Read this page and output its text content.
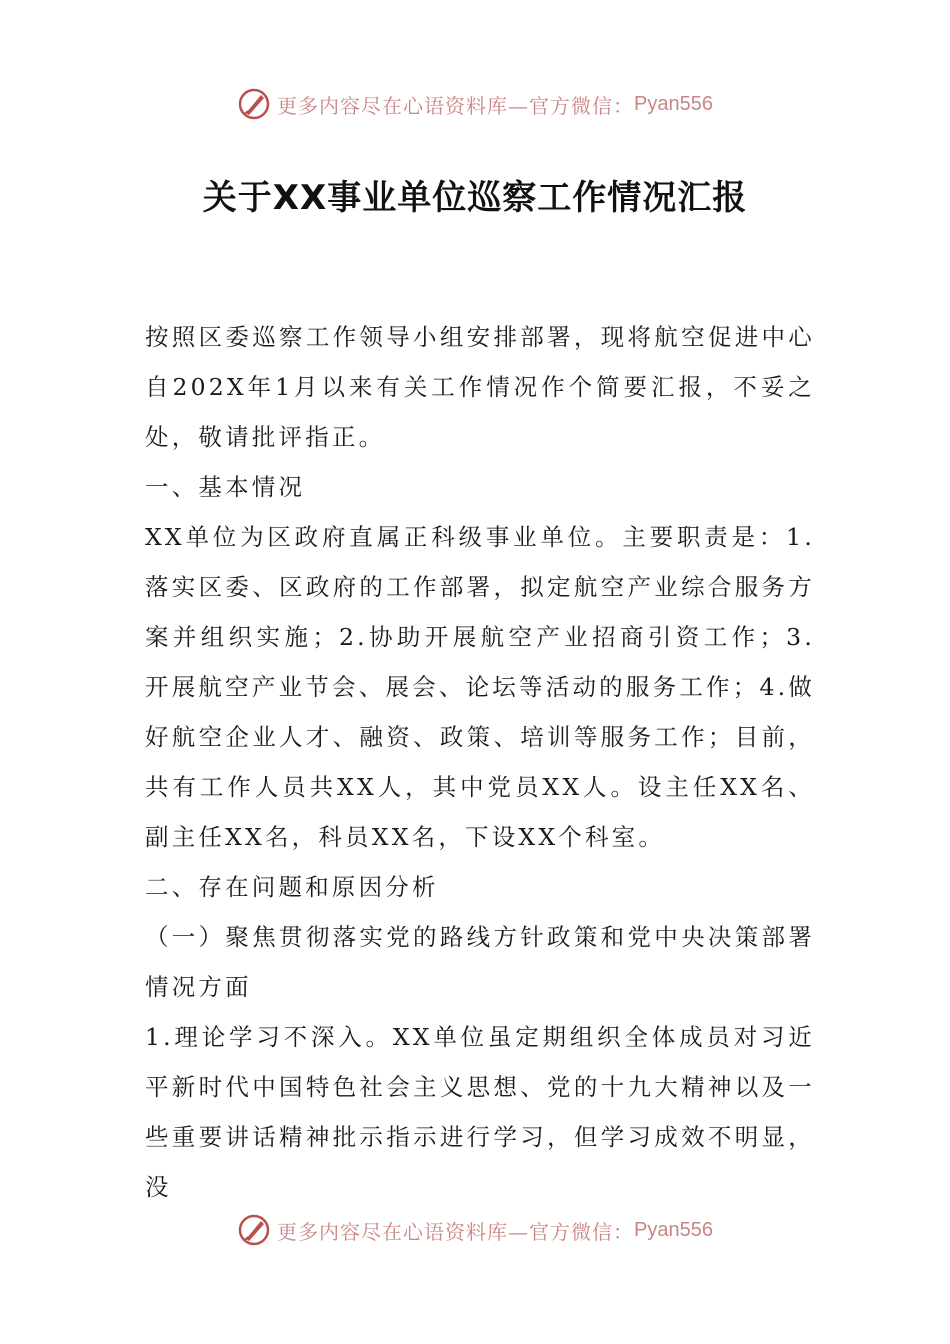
更多内容尽在心语资料库—官方微信： Pyan556
关于XX事业单位巡察工作情况汇报

按照区委巡察工作领导小组安排部署，现将航空促进中心自202X年1月以来有关工作情况作个简要汇报，不妥之处，敬请批评指正。

一、基本情况

XX单位为区政府直属正科级事业单位。主要职责是：1.落实区委、区政府的工作部署，拟定航空产业综合服务方案并组织实施；2.协助开展航空产业招商引资工作；3.开展航空产业节会、展会、论坛等活动的服务工作；4.做好航空企业人才、融资、政策、培训等服务工作；目前，共有工作人员共XX人，其中党员XX人。设主任XX名、副主任XX名，科员XX名，下设XX个科室。

二、存在问题和原因分析

（一）聚焦贯彻落实党的路线方针政策和党中央决策部署情况方面

1.理论学习不深入。XX单位虽定期组织全体成员对习近平新时代中国特色社会主义思想、党的十九大精神以及一些重要讲话精神批示指示进行学习，但学习成效不明显，没

更多内容尽在心语资料库—官方微信： Pyan556
